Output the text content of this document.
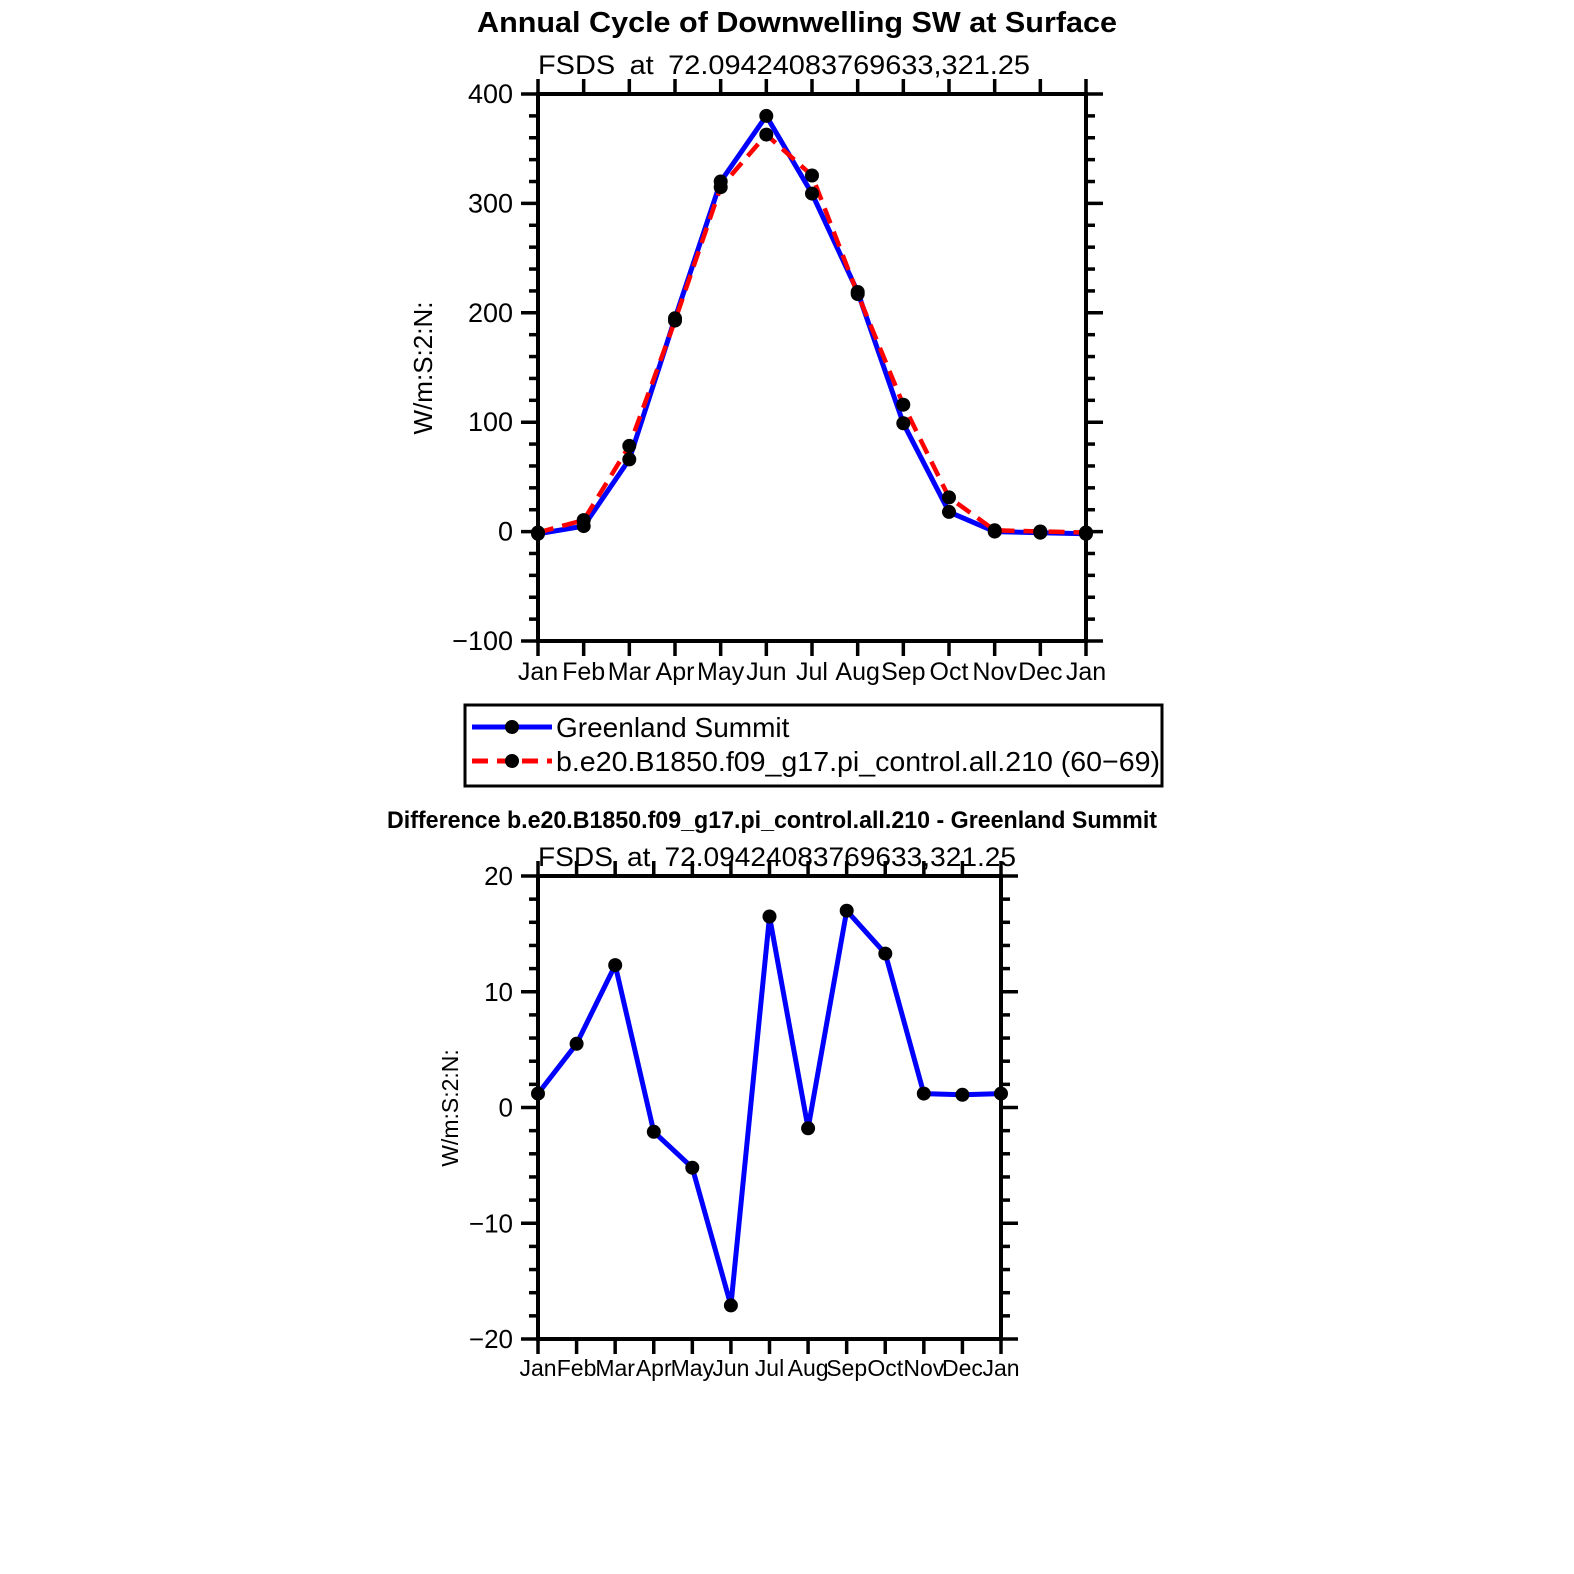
Annual Cycle of Downwelling SW at Surface
FSDS at 72.09424083769633,321.25
W/m:S:2:N:
400
300
200
100
0
−100
Jan Feb Mar Apr May Jun Jul Aug Sep Oct Nov Dec Jan
Greenland Summit
b.e20.B1850.f09_g17.pi_control.all.210 (60−69)
Difference b.e20.B1850.f09_g17.pi_control.all.210 - Greenland Summit
FSDS at 72.09424083769633,321.25
W/m:S:2:N:
20
10
0
−10
−20
Jan Feb
Mar Apr
May
Jun Jul Aug
Sep Oct Nov
Dec Jan
